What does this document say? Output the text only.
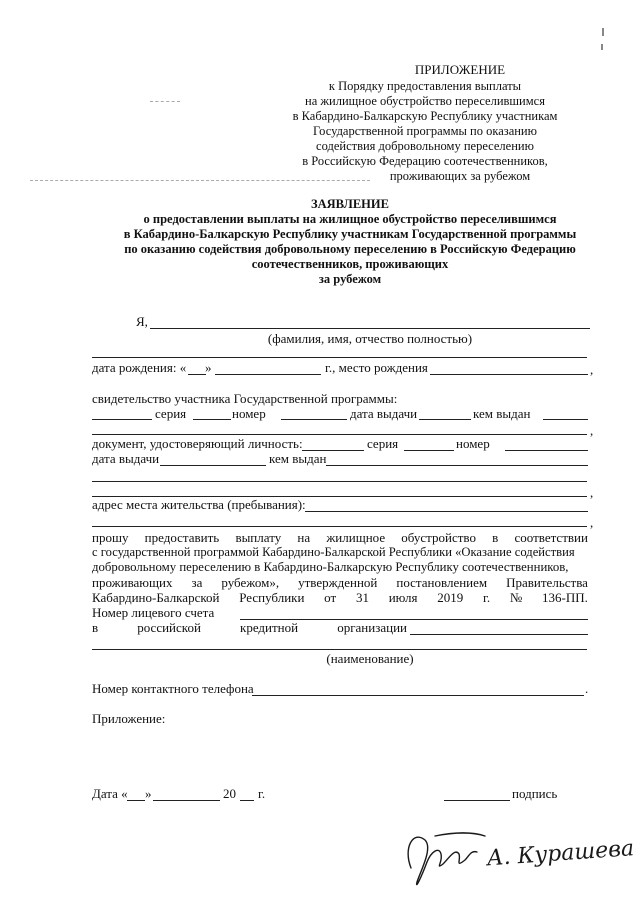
ПРИЛОЖЕНИЕ
к Порядку предоставления выплаты
на жилищное обустройство переселившимся
в Кабардино-Балкарскую Республику участникам
Государственной программы по оказанию
содействия добровольному переселению
в Российскую Федерацию соотечественников,
проживающих за рубежом
ЗАЯВЛЕНИЕ
о предоставлении выплаты на жилищное обустройство переселившимся
в Кабардино-Балкарскую Республику участникам Государственной программы
по оказанию содействия добровольному переселению в Российскую Федерацию
соотечественников, проживающих
за рубежом
Я,
(фамилия, имя, отчество полностью)
дата рождения: « »	г., место рождения	,
свидетельство участника Государственной программы:
серия	номер	дата выдачи	кем выдан
,
документ, удостоверяющий личность:	серия	номер
дата выдачи	кем выдан
,
адрес места жительства (пребывания):
,
прошу предоставить выплату на жилищное обустройство в соответствии
с государственной программой Кабардино-Балкарской Республики «Оказание содействия
добровольному переселению в Кабардино-Балкарскую Республику соотечественников,
проживающих за рубежом», утвержденной постановлением Правительства
Кабардино-Балкарской Республики от 31 июля 2019 г. № 136-ПП.
Номер лицевого счета
в	российской	кредитной	организации
(наименование)
Номер контактного телефона	.
Приложение:
Дата « »	20 г.	подпись
А. Курашева
